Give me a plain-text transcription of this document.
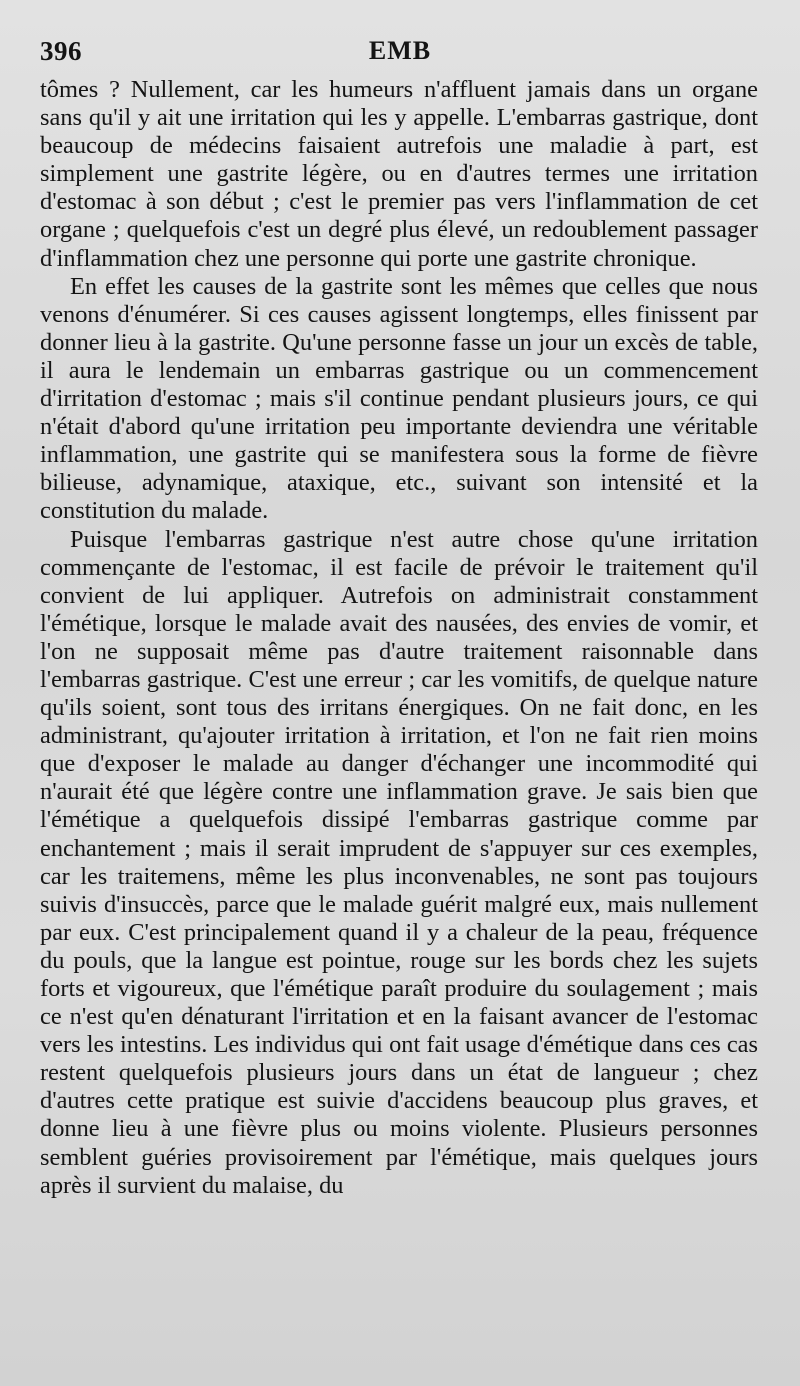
396	EMB

tômes ? Nullement, car les humeurs n'affluent jamais dans un organe sans qu'il y ait une irritation qui les y appelle. L'embarras gastrique, dont beaucoup de médecins faisaient autrefois une maladie à part, est simplement une gastrite légère, ou en d'autres termes une irritation d'estomac à son début ; c'est le premier pas vers l'inflammation de cet organe ; quelquefois c'est un degré plus élevé, un redoublement passager d'inflammation chez une personne qui porte une gastrite chronique.

En effet les causes de la gastrite sont les mêmes que celles que nous venons d'énumérer. Si ces causes agissent longtemps, elles finissent par donner lieu à la gastrite. Qu'une personne fasse un jour un excès de table, il aura le lendemain un embarras gastrique ou un commencement d'irritation d'estomac ; mais s'il continue pendant plusieurs jours, ce qui n'était d'abord qu'une irritation peu importante deviendra une véritable inflammation, une gastrite qui se manifestera sous la forme de fièvre bilieuse, adynamique, ataxique, etc., suivant son intensité et la constitution du malade.

Puisque l'embarras gastrique n'est autre chose qu'une irritation commençante de l'estomac, il est facile de prévoir le traitement qu'il convient de lui appliquer. Autrefois on administrait constamment l'émétique, lorsque le malade avait des nausées, des envies de vomir, et l'on ne supposait même pas d'autre traitement raisonnable dans l'embarras gastrique. C'est une erreur ; car les vomitifs, de quelque nature qu'ils soient, sont tous des irritans énergiques. On ne fait donc, en les administrant, qu'ajouter irritation à irritation, et l'on ne fait rien moins que d'exposer le malade au danger d'échanger une incommodité qui n'aurait été que légère contre une inflammation grave. Je sais bien que l'émétique a quelquefois dissipé l'embarras gastrique comme par enchantement ; mais il serait imprudent de s'appuyer sur ces exemples, car les traitemens, même les plus inconvenables, ne sont pas toujours suivis d'insuccès, parce que le malade guérit malgré eux, mais nullement par eux. C'est principalement quand il y a chaleur de la peau, fréquence du pouls, que la langue est pointue, rouge sur les bords chez les sujets forts et vigoureux, que l'émétique paraît produire du soulagement ; mais ce n'est qu'en dénaturant l'irritation et en la faisant avancer de l'estomac vers les intestins. Les individus qui ont fait usage d'émétique dans ces cas restent quelquefois plusieurs jours dans un état de langueur ; chez d'autres cette pratique est suivie d'accidens beaucoup plus graves, et donne lieu à une fièvre plus ou moins violente. Plusieurs personnes semblent guéries provisoirement par l'émétique, mais quelques jours après il survient du malaise, du
